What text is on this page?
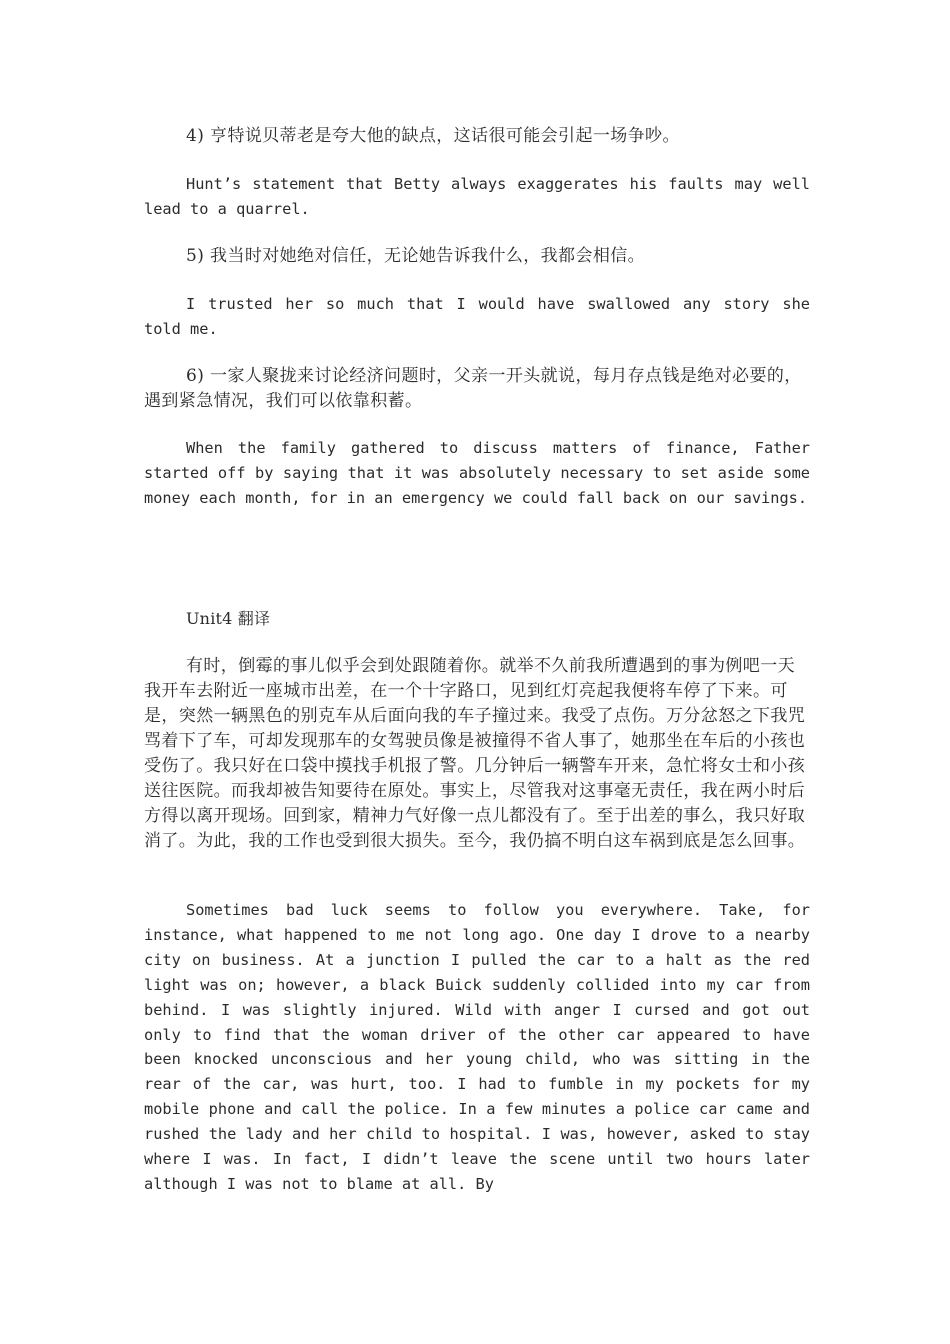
4) 亨特说贝蒂老是夸大他的缺点，这话很可能会引起一场争吵。

Hunt’s statement that Betty always exaggerates his faults may well lead to a quarrel.

5) 我当时对她绝对信任，无论她告诉我什么，我都会相信。

I trusted her so much that I would have swallowed any story she told me.

6) 一家人聚拢来讨论经济问题时，父亲一开头就说，每月存点钱是绝对必要的，遇到紧急情况，我们可以依靠积蓄。

When the family gathered to discuss matters of finance, Father started off by saying that it was absolutely necessary to set aside some money each month, for in an emergency we could fall back on our savings.

Unit4 翻译

有时，倒霉的事儿似乎会到处跟随着你。就举不久前我所遭遇到的事为例吧一天我开车去附近一座城市出差，在一个十字路口，见到红灯亮起我便将车停了下来。可是，突然一辆黑色的别克车从后面向我的车子撞过来。我受了点伤。万分忿怒之下我咒骂着下了车，可却发现那车的女驾驶员像是被撞得不省人事了，她那坐在车后的小孩也受伤了。我只好在口袋中摸找手机报了警。几分钟后一辆警车开来，急忙将女士和小孩送往医院。而我却被告知要待在原处。事实上，尽管我对这事毫无责任，我在两小时后方得以离开现场。回到家，精神力气好像一点儿都没有了。至于出差的事么，我只好取消了。为此，我的工作也受到很大损失。至今，我仍搞不明白这车祸到底是怎么回事。

Sometimes bad luck seems to follow you everywhere. Take, for instance, what happened to me not long ago. One day I drove to a nearby city on business. At a junction I pulled the car to a halt as the red light was on; however, a black Buick suddenly collided into my car from behind. I was slightly injured. Wild with anger I cursed and got out only to find that the woman driver of the other car appeared to have been knocked unconscious and her young child, who was sitting in the rear of the car, was hurt, too. I had to fumble in my pockets for my mobile phone and call the police. In a few minutes a police car came and rushed the lady and her child to hospital. I was, however, asked to stay where I was. In fact, I didn’t leave the scene until two hours later although I was not to blame at all. By
